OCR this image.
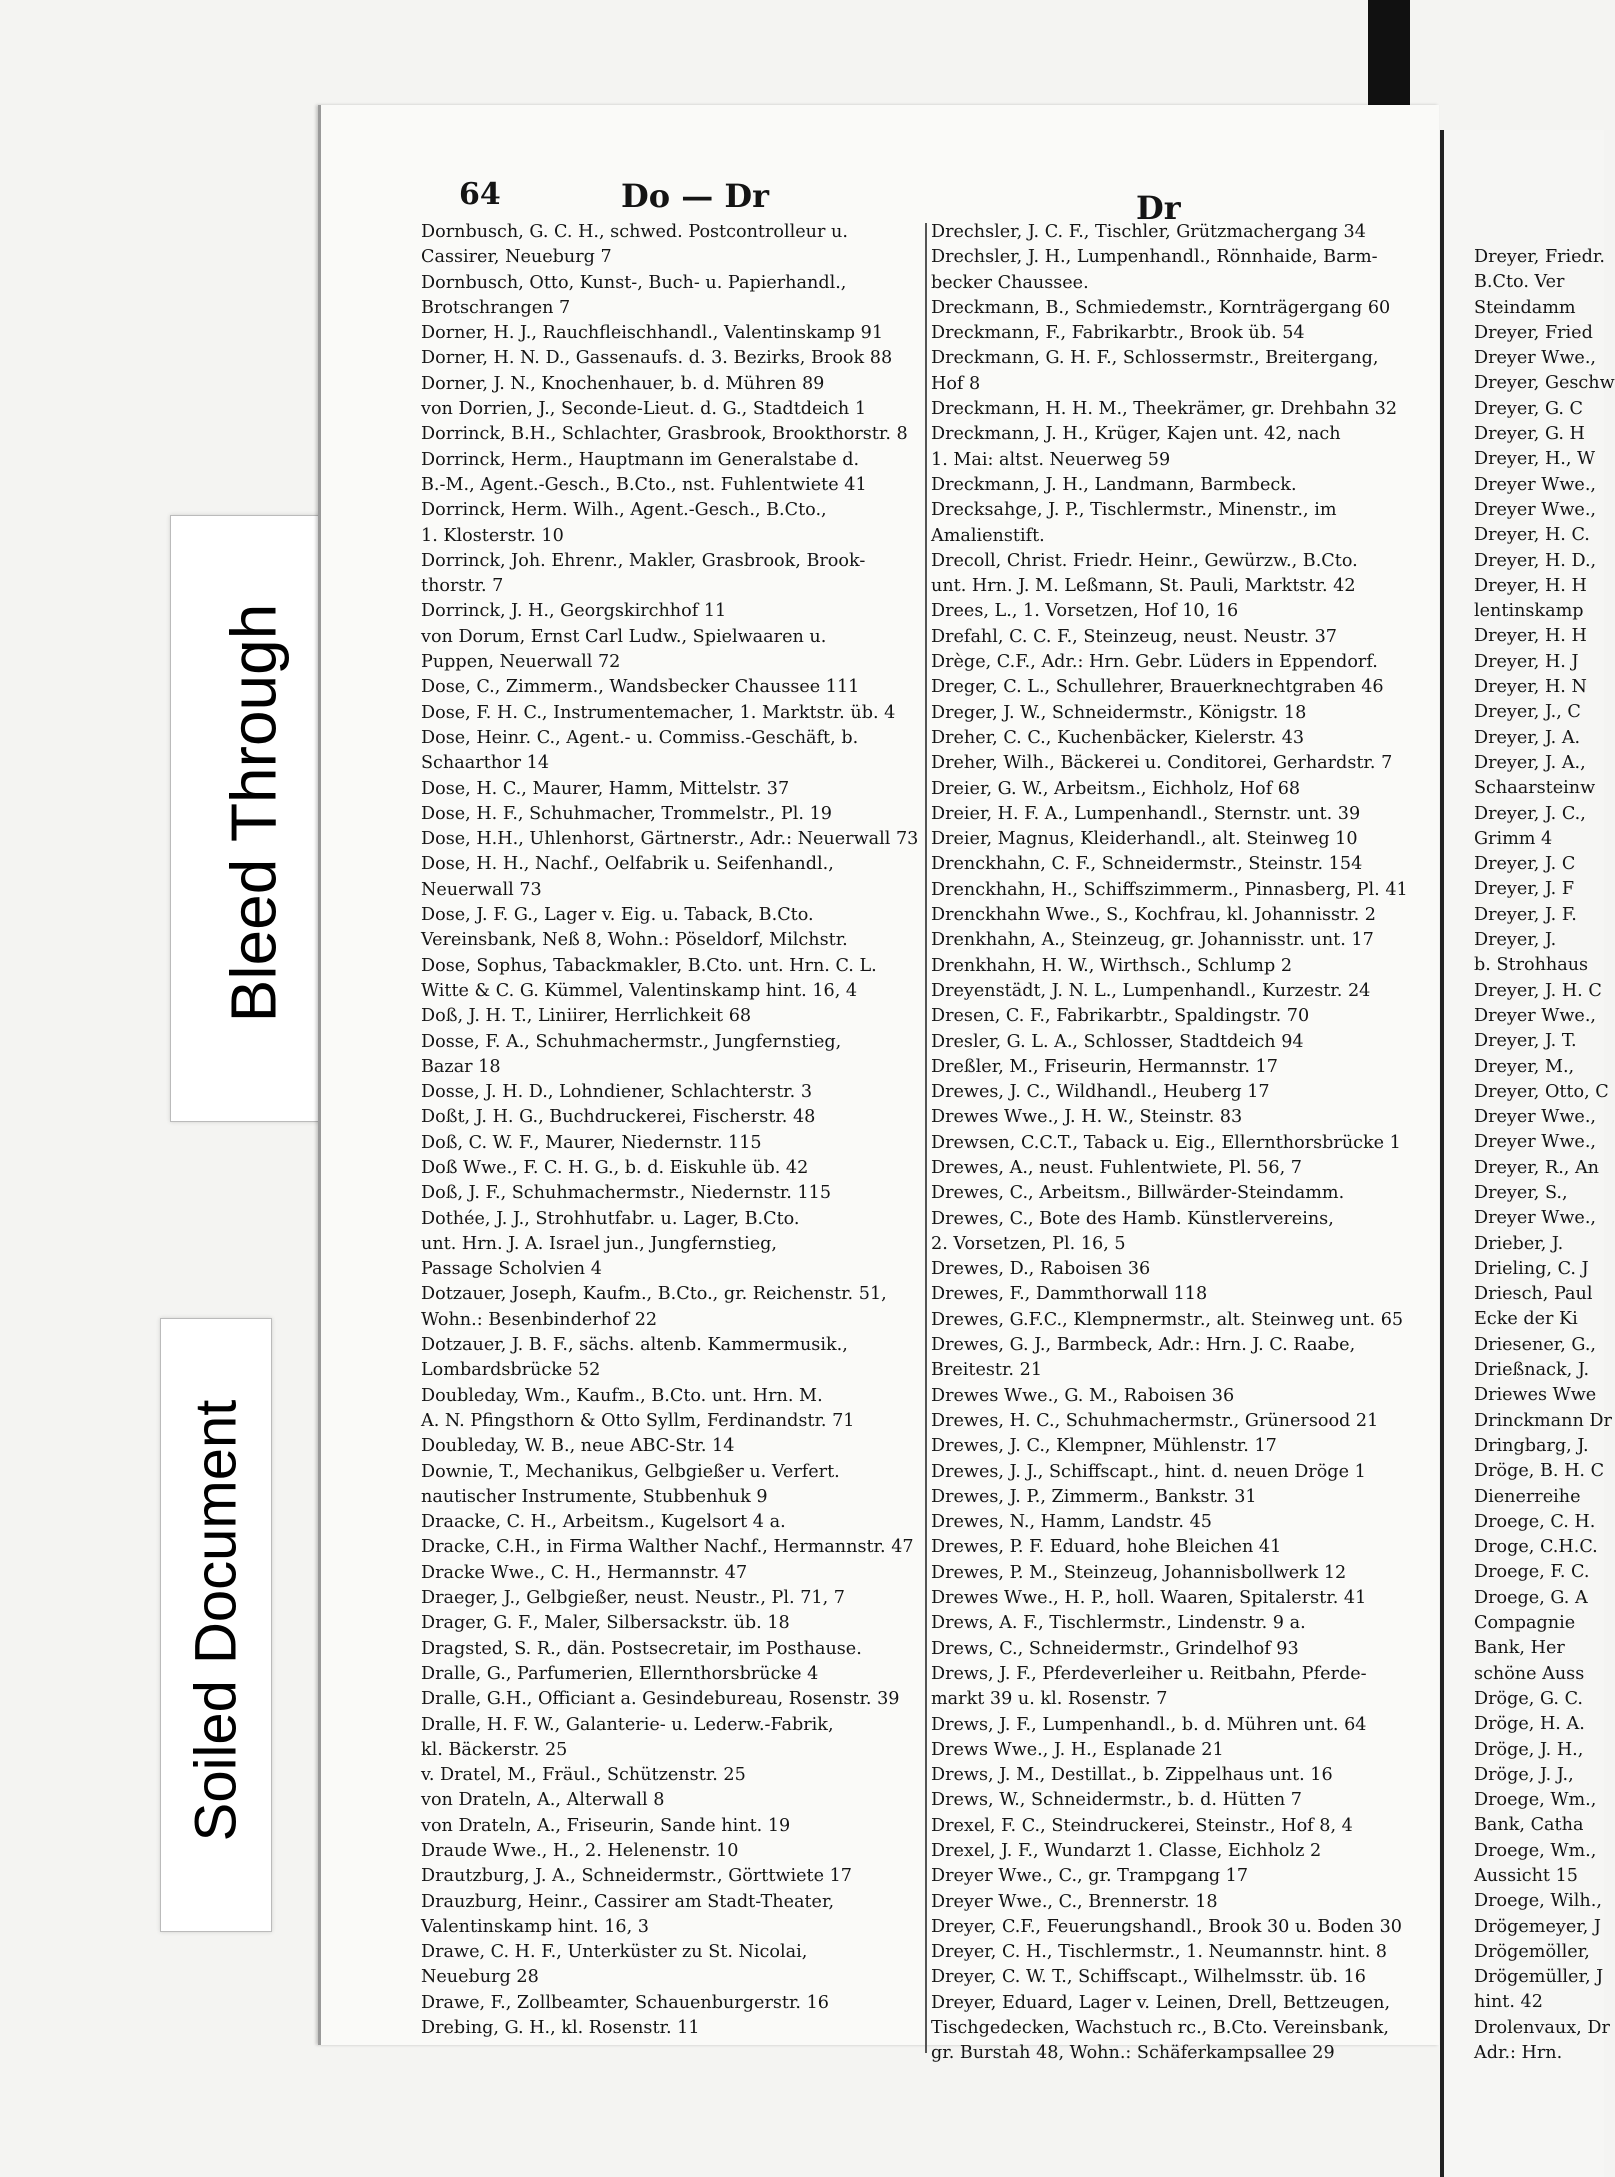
Bleed Through
Soiled Document
64	Do — Dr	Dr
Dornbusch, G. C. H., schwed. Postcontrolleur u.
Cassirer, Neueburg 7
Dornbusch, Otto, Kunst-, Buch- u. Papierhandl.,
Brotschrangen 7
Dorner, H. J., Rauchfleischhandl., Valentinskamp 91
Dorner, H. N. D., Gassenaufs. d. 3. Bezirks, Brook 88
Dorner, J. N., Knochenhauer, b. d. Mühren 89
von Dorrien, J., Seconde-Lieut. d. G., Stadtdeich 1
Dorrinck, B.H., Schlachter, Grasbrook, Brookthorstr. 8
Dorrinck, Herm., Hauptmann im Generalstabe d.
B.-M., Agent.-Gesch., B.Cto., nst. Fuhlentwiete 41
Dorrinck, Herm. Wilh., Agent.-Gesch., B.Cto.,
1. Klosterstr. 10
Dorrinck, Joh. Ehrenr., Makler, Grasbrook, Brook-
thorstr. 7
Dorrinck, J. H., Georgskirchhof 11
von Dorum, Ernst Carl Ludw., Spielwaaren u.
Puppen, Neuerwall 72
Dose, C., Zimmerm., Wandsbecker Chaussee 111
Dose, F. H. C., Instrumentemacher, 1. Marktstr. üb. 4
Dose, Heinr. C., Agent.- u. Commiss.-Geschäft, b.
Schaarthor 14
Dose, H. C., Maurer, Hamm, Mittelstr. 37
Dose, H. F., Schuhmacher, Trommelstr., Pl. 19
Dose, H.H., Uhlenhorst, Gärtnerstr., Adr.: Neuerwall 73
Dose, H. H., Nachf., Oelfabrik u. Seifenhandl.,
Neuerwall 73
Dose, J. F. G., Lager v. Eig. u. Taback, B.Cto.
Vereinsbank, Neß 8, Wohn.: Pöseldorf, Milchstr.
Dose, Sophus, Tabackmakler, B.Cto. unt. Hrn. C. L.
Witte & C. G. Kümmel, Valentinskamp hint. 16, 4
Doß, J. H. T., Liniirer, Herrlichkeit 68
Dosse, F. A., Schuhmachermstr., Jungfernstieg,
Bazar 18
Dosse, J. H. D., Lohndiener, Schlachterstr. 3
Doßt, J. H. G., Buchdruckerei, Fischerstr. 48
Doß, C. W. F., Maurer, Niedernstr. 115
Doß Wwe., F. C. H. G., b. d. Eiskuhle üb. 42
Doß, J. F., Schuhmachermstr., Niedernstr. 115
Dothée, J. J., Strohhutfabr. u. Lager, B.Cto.
unt. Hrn. J. A. Israel jun., Jungfernstieg,
Passage Scholvien 4
Dotzauer, Joseph, Kaufm., B.Cto., gr. Reichenstr. 51,
Wohn.: Besenbinderhof 22
Dotzauer, J. B. F., sächs. altenb. Kammermusik.,
Lombardsbrücke 52
Doubleday, Wm., Kaufm., B.Cto. unt. Hrn. M.
A. N. Pfingsthorn & Otto Syllm, Ferdinandstr. 71
Doubleday, W. B., neue ABC-Str. 14
Downie, T., Mechanikus, Gelbgießer u. Verfert.
nautischer Instrumente, Stubbenhuk 9
Draacke, C. H., Arbeitsm., Kugelsort 4 a.
Dracke, C.H., in Firma Walther Nachf., Hermannstr. 47
Dracke Wwe., C. H., Hermannstr. 47
Draeger, J., Gelbgießer, neust. Neustr., Pl. 71, 7
Drager, G. F., Maler, Silbersackstr. üb. 18
Dragsted, S. R., dän. Postsecretair, im Posthause.
Dralle, G., Parfumerien, Ellernthorsbrücke 4
Dralle, G.H., Officiant a. Gesindebureau, Rosenstr. 39
Dralle, H. F. W., Galanterie- u. Lederw.-Fabrik,
kl. Bäckerstr. 25
v. Dratel, M., Fräul., Schützenstr. 25
von Drateln, A., Alterwall 8
von Drateln, A., Friseurin, Sande hint. 19
Draude Wwe., H., 2. Helenenstr. 10
Drautzburg, J. A., Schneidermstr., Görttwiete 17
Drauzburg, Heinr., Cassirer am Stadt-Theater,
Valentinskamp hint. 16, 3
Drawe, C. H. F., Unterküster zu St. Nicolai,
Neueburg 28
Drawe, F., Zollbeamter, Schauenburgerstr. 16
Drebing, G. H., kl. Rosenstr. 11
Drechsler, J. C. F., Tischler, Grützmachergang 34
Drechsler, J. H., Lumpenhandl., Rönnhaide, Barm-
becker Chaussee.
Dreckmann, B., Schmiedemstr., Kornträgergang 60
Dreckmann, F., Fabrikarbtr., Brook üb. 54
Dreckmann, G. H. F., Schlossermstr., Breitergang,
Hof 8
Dreckmann, H. H. M., Theekrämer, gr. Drehbahn 32
Dreckmann, J. H., Krüger, Kajen unt. 42, nach
1. Mai: altst. Neuerweg 59
Dreckmann, J. H., Landmann, Barmbeck.
Drecksahge, J. P., Tischlermstr., Minenstr., im
Amalienstift.
Drecoll, Christ. Friedr. Heinr., Gewürzw., B.Cto.
unt. Hrn. J. M. Leßmann, St. Pauli, Marktstr. 42
Drees, L., 1. Vorsetzen, Hof 10, 16
Drefahl, C. C. F., Steinzeug, neust. Neustr. 37
Drège, C.F., Adr.: Hrn. Gebr. Lüders in Eppendorf.
Dreger, C. L., Schullehrer, Brauerknechtgraben 46
Dreger, J. W., Schneidermstr., Königstr. 18
Dreher, C. C., Kuchenbäcker, Kielerstr. 43
Dreher, Wilh., Bäckerei u. Conditorei, Gerhardstr. 7
Dreier, G. W., Arbeitsm., Eichholz, Hof 68
Dreier, H. F. A., Lumpenhandl., Sternstr. unt. 39
Dreier, Magnus, Kleiderhandl., alt. Steinweg 10
Drenckhahn, C. F., Schneidermstr., Steinstr. 154
Drenckhahn, H., Schiffszimmerm., Pinnasberg, Pl. 41
Drenckhahn Wwe., S., Kochfrau, kl. Johannisstr. 2
Drenkhahn, A., Steinzeug, gr. Johannisstr. unt. 17
Drenkhahn, H. W., Wirthsch., Schlump 2
Dreyenstädt, J. N. L., Lumpenhandl., Kurzestr. 24
Dresen, C. F., Fabrikarbtr., Spaldingstr. 70
Dresler, G. L. A., Schlosser, Stadtdeich 94
Dreßler, M., Friseurin, Hermannstr. 17
Drewes, J. C., Wildhandl., Heuberg 17
Drewes Wwe., J. H. W., Steinstr. 83
Drewsen, C.C.T., Taback u. Eig., Ellernthorsbrücke 1
Drewes, A., neust. Fuhlentwiete, Pl. 56, 7
Drewes, C., Arbeitsm., Billwärder-Steindamm.
Drewes, C., Bote des Hamb. Künstlervereins,
2. Vorsetzen, Pl. 16, 5
Drewes, D., Raboisen 36
Drewes, F., Dammthorwall 118
Drewes, G.F.C., Klempnermstr., alt. Steinweg unt. 65
Drewes, G. J., Barmbeck, Adr.: Hrn. J. C. Raabe,
Breitestr. 21
Drewes Wwe., G. M., Raboisen 36
Drewes, H. C., Schuhmachermstr., Grünersood 21
Drewes, J. C., Klempner, Mühlenstr. 17
Drewes, J. J., Schiffscapt., hint. d. neuen Dröge 1
Drewes, J. P., Zimmerm., Bankstr. 31
Drewes, N., Hamm, Landstr. 45
Drewes, P. F. Eduard, hohe Bleichen 41
Drewes, P. M., Steinzeug, Johannisbollwerk 12
Drewes Wwe., H. P., holl. Waaren, Spitalerstr. 41
Drews, A. F., Tischlermstr., Lindenstr. 9 a.
Drews, C., Schneidermstr., Grindelhof 93
Drews, J. F., Pferdeverleiher u. Reitbahn, Pferde-
markt 39 u. kl. Rosenstr. 7
Drews, J. F., Lumpenhandl., b. d. Mühren unt. 64
Drews Wwe., J. H., Esplanade 21
Drews, J. M., Destillat., b. Zippelhaus unt. 16
Drews, W., Schneidermstr., b. d. Hütten 7
Drexel, F. C., Steindruckerei, Steinstr., Hof 8, 4
Drexel, J. F., Wundarzt 1. Classe, Eichholz 2
Dreyer Wwe., C., gr. Trampgang 17
Dreyer Wwe., C., Brennerstr. 18
Dreyer, C.F., Feuerungshandl., Brook 30 u. Boden 30
Dreyer, C. H., Tischlermstr., 1. Neumannstr. hint. 8
Dreyer, C. W. T., Schiffscapt., Wilhelmsstr. üb. 16
Dreyer, Eduard, Lager v. Leinen, Drell, Bettzeugen,
Tischgedecken, Wachstuch rc., B.Cto. Vereinsbank,
gr. Burstah 48, Wohn.: Schäferkampsallee 29
Dreyer, Friedr.
B.Cto. Ver
Steindamm
Dreyer, Fried
Dreyer Wwe.,
Dreyer, Geschw
Dreyer, G. C
Dreyer, G. H
Dreyer, H., W
Dreyer Wwe.,
Dreyer Wwe.,
Dreyer, H. C.
Dreyer, H. D.,
Dreyer, H. H
lentinskamp
Dreyer, H. H
Dreyer, H. J
Dreyer, H. N
Dreyer, J., C
Dreyer, J. A.
Dreyer, J. A.,
Schaarsteinw
Dreyer, J. C.,
Grimm 4
Dreyer, J. C
Dreyer, J. F
Dreyer, J. F.
Dreyer, J.
b. Strohhaus
Dreyer, J. H. C
Dreyer Wwe.,
Dreyer, J. T.
Dreyer, M.,
Dreyer, Otto, C
Dreyer Wwe.,
Dreyer Wwe.,
Dreyer, R., An
Dreyer, S.,
Dreyer Wwe.,
Drieber, J.
Drieling, C. J
Driesch, Paul
Ecke der Ki
Driesener, G.,
Drießnack, J.
Driewes Wwe
Drinckmann Dr
Dringbarg, J.
Dröge, B. H. C
Dienerreihe
Droege, C. H.
Droge, C.H.C.
Droege, F. C.
Droege, G. A
Compagnie
Bank, Her
schöne Auss
Dröge, G. C.
Dröge, H. A.
Dröge, J. H.,
Dröge, J. J.,
Droege, Wm.,
Bank, Catha
Droege, Wm.,
Aussicht 15
Droege, Wilh.,
Drögemeyer, J
Drögemöller,
Drögemüller, J
hint. 42
Drolenvaux, Dr
Adr.: Hrn.
